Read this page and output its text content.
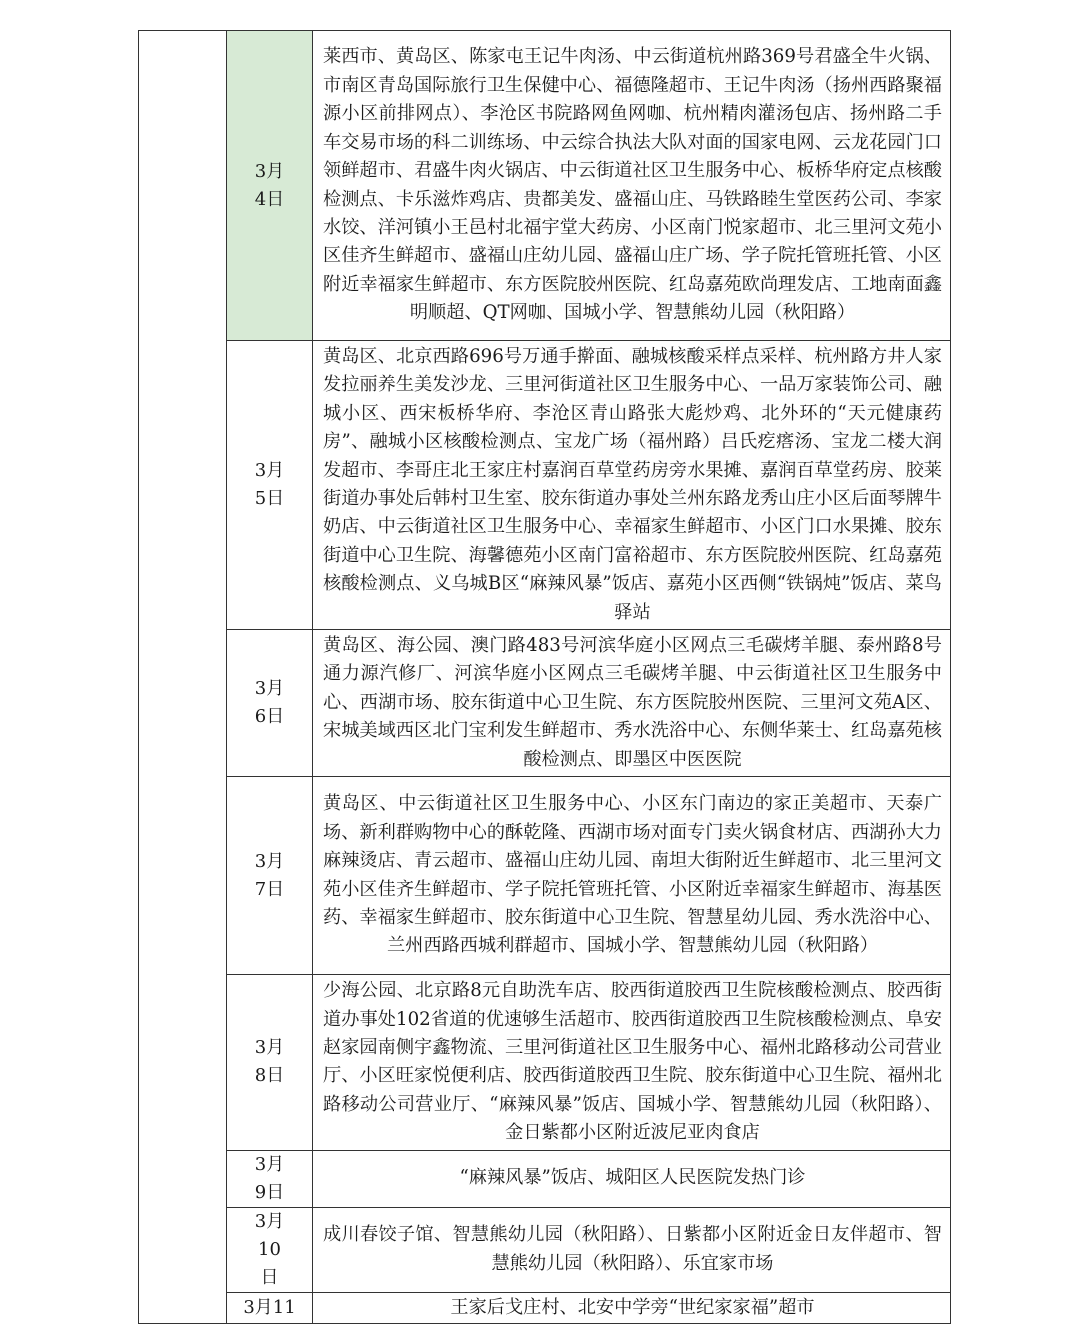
	3月4日	莱西市、黄岛区、陈家屯王记牛肉汤、中云街道杭州路369号君盛全牛火锅、市南区青岛国际旅行卫生保健中心、福德隆超市、王记牛肉汤（扬州西路聚福源小区前排网点）、李沧区书院路网鱼网咖、杭州精肉灌汤包店、扬州路二手车交易市场的科二训练场、中云综合执法大队对面的国家电网、云龙花园门口领鲜超市、君盛牛肉火锅店、中云街道社区卫生服务中心、板桥华府定点核酸检测点、卡乐滋炸鸡店、贵都美发、盛福山庄、马铁路睦生堂医药公司、李家水饺、洋河镇小王邑村北福宇堂大药房、小区南门悦家超市、北三里河文苑小区佳齐生鲜超市、盛福山庄幼儿园、盛福山庄广场、学子院托管班托管、小区附近幸福家生鲜超市、东方医院胶州医院、红岛嘉苑欧尚理发店、工地南面鑫明顺超、QT网咖、国城小学、智慧熊幼儿园（秋阳路）
	3月5日	黄岛区、北京西路696号万通手擀面、融城核酸采样点采样、杭州路方井人家发拉丽养生美发沙龙、三里河街道社区卫生服务中心、一品万家装饰公司、融城小区、西宋板桥华府、李沧区青山路张大彪炒鸡、北外环的“天元健康药房”、融城小区核酸检测点、宝龙广场（福州路）吕氏疙瘩汤、宝龙二楼大润发超市、李哥庄北王家庄村嘉润百草堂药房旁水果摊、嘉润百草堂药房、胶莱街道办事处后韩村卫生室、胶东街道办事处兰州东路龙秀山庄小区后面琴牌牛奶店、中云街道社区卫生服务中心、幸福家生鲜超市、小区门口水果摊、胶东街道中心卫生院、海馨德苑小区南门富裕超市、东方医院胶州医院、红岛嘉苑核酸检测点、义乌城B区“麻辣风暴”饭店、嘉苑小区西侧“铁锅炖”饭店、菜鸟驿站
	3月6日	黄岛区、海公园、澳门路483号河滨华庭小区网点三毛碳烤羊腿、泰州路8号通力源汽修厂、河滨华庭小区网点三毛碳烤羊腿、中云街道社区卫生服务中心、西湖市场、胶东街道中心卫生院、东方医院胶州医院、三里河文苑A区、宋城美域西区北门宝利发生鲜超市、秀水洗浴中心、东侧华莱士、红岛嘉苑核酸检测点、即墨区中医医院
	3月7日	黄岛区、中云街道社区卫生服务中心、小区东门南边的家正美超市、天泰广场、新利群购物中心的酥乾隆、西湖市场对面专门卖火锅食材店、西湖孙大力麻辣烫店、青云超市、盛福山庄幼儿园、南坦大街附近生鲜超市、北三里河文苑小区佳齐生鲜超市、学子院托管班托管、小区附近幸福家生鲜超市、海基医药、幸福家生鲜超市、胶东街道中心卫生院、智慧星幼儿园、秀水洗浴中心、兰州西路西城利群超市、国城小学、智慧熊幼儿园（秋阳路）
	3月8日	少海公园、北京路8元自助洗车店、胶西街道胶西卫生院核酸检测点、胶西街道办事处102省道的优速够生活超市、胶西街道胶西卫生院核酸检测点、阜安赵家园南侧宇鑫物流、三里河街道社区卫生服务中心、福州北路移动公司营业厅、小区旺家悦便利店、胶西街道胶西卫生院、胶东街道中心卫生院、福州北路移动公司营业厅、“麻辣风暴”饭店、国城小学、智慧熊幼儿园（秋阳路）、金日紫都小区附近波尼亚肉食店
	3月9日	“麻辣风暴”饭店、城阳区人民医院发热门诊
	3月10日	成川春饺子馆、智慧熊幼儿园（秋阳路）、日紫都小区附近金日友伴超市、智慧熊幼儿园（秋阳路）、乐宜家市场
	3月11	王家后戈庄村、北安中学旁“世纪家家福”超市
